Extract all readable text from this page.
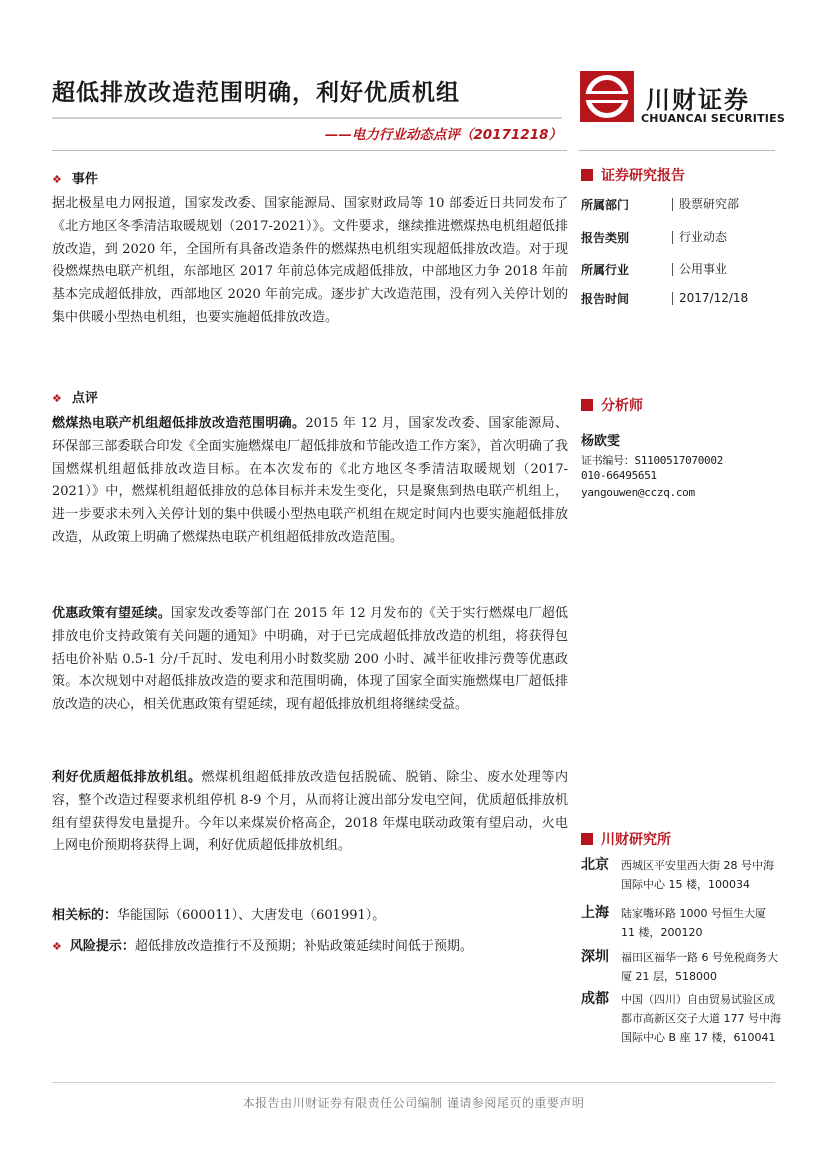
超低排放改造范围明确，利好优质机组
——电力行业动态点评（20171218）
川财证券
CHUANCAI SECURITIES
❖ 事件
据北极星电力网报道，国家发改委、国家能源局、国家财政局等 10 部委近日共同发布了《北方地区冬季清洁取暖规划（2017-2021）》。文件要求，继续推进燃煤热电机组超低排放改造，到 2020 年，全国所有具备改造条件的燃煤热电机组实现超低排放改造。对于现役燃煤热电联产机组，东部地区 2017 年前总体完成超低排放，中部地区力争 2018 年前基本完成超低排放，西部地区 2020 年前完成。逐步扩大改造范围，没有列入关停计划的集中供暖小型热电机组，也要实施超低排放改造。
❖ 点评
燃煤热电联产机组超低排放改造范围明确。2015 年 12 月，国家发改委、国家能源局、环保部三部委联合印发《全面实施燃煤电厂超低排放和节能改造工作方案》，首次明确了我国燃煤机组超低排放改造目标。在本次发布的《北方地区冬季清洁取暖规划（2017-2021）》中，燃煤机组超低排放的总体目标并未发生变化，只是聚焦到热电联产机组上，进一步要求未列入关停计划的集中供暖小型热电联产机组在规定时间内也要实施超低排放改造，从政策上明确了燃煤热电联产机组超低排放改造范围。
优惠政策有望延续。国家发改委等部门在 2015 年 12 月发布的《关于实行燃煤电厂超低排放电价支持政策有关问题的通知》中明确，对于已完成超低排放改造的机组，将获得包括电价补贴 0.5-1 分/千瓦时、发电利用小时数奖励 200 小时、减半征收排污费等优惠政策。本次规划中对超低排放改造的要求和范围明确，体现了国家全面实施燃煤电厂超低排放改造的决心，相关优惠政策有望延续，现有超低排放机组将继续受益。
利好优质超低排放机组。燃煤机组超低排放改造包括脱硫、脱销、除尘、废水处理等内容，整个改造过程要求机组停机 8-9 个月，从而将让渡出部分发电空间，优质超低排放机组有望获得发电量提升。今年以来煤炭价格高企，2018 年煤电联动政策有望启动，火电上网电价预期将获得上调，利好优质超低排放机组。
相关标的：华能国际（600011）、大唐发电（601991）。
❖ 风险提示：超低排放改造推行不及预期；补贴政策延续时间低于预期。
证券研究报告
所属部门	股票研究部
报告类别	行业动态
所属行业	公用事业
报告时间	2017/12/18
分析师
杨欧雯
证书编号：S1100517070002
010-66495651
yangouwen@cczq.com
川财研究所
北京 西城区平安里西大街 28 号中海国际中心 15 楼，100034
上海 陆家嘴环路 1000 号恒生大厦 11 楼，200120
深圳 福田区福华一路 6 号免税商务大厦 21 层，518000
成都 中国（四川）自由贸易试验区成都市高新区交子大道 177 号中海国际中心 B 座 17 楼，610041
本报告由川财证券有限责任公司编制 谨请参阅尾页的重要声明
